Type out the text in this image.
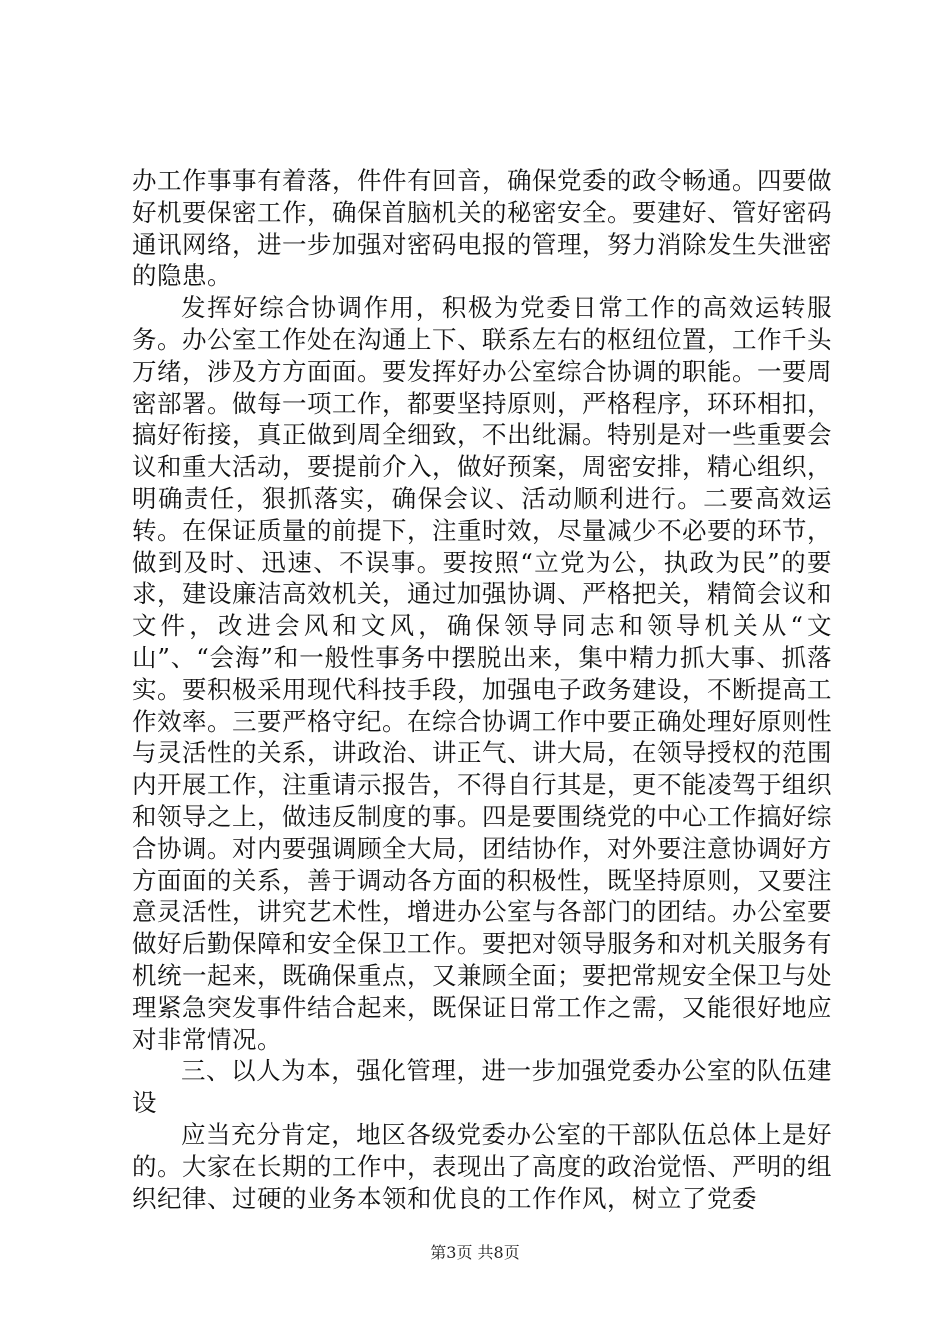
办工作事事有着落，件件有回音，确保党委的政令畅通。四要做好机要保密工作，确保首脑机关的秘密安全。要建好、管好密码通讯网络，进一步加强对密码电报的管理，努力消除发生失泄密的隐患。

发挥好综合协调作用，积极为党委日常工作的高效运转服务。办公室工作处在沟通上下、联系左右的枢纽位置，工作千头万绪，涉及方方面面。要发挥好办公室综合协调的职能。一要周密部署。做每一项工作，都要坚持原则，严格程序，环环相扣，搞好衔接，真正做到周全细致，不出纰漏。特别是对一些重要会议和重大活动，要提前介入，做好预案，周密安排，精心组织，明确责任，狠抓落实，确保会议、活动顺利进行。二要高效运转。在保证质量的前提下，注重时效，尽量减少不必要的环节，做到及时、迅速、不误事。要按照“立党为公，执政为民”的要求，建设廉洁高效机关，通过加强协调、严格把关，精简会议和文件，改进会风和文风，确保领导同志和领导机关从“文山”、“会海”和一般性事务中摆脱出来，集中精力抓大事、抓落实。要积极采用现代科技手段，加强电子政务建设，不断提高工作效率。三要严格守纪。在综合协调工作中要正确处理好原则性与灵活性的关系，讲政治、讲正气、讲大局，在领导授权的范围内开展工作，注重请示报告，不得自行其是，更不能凌驾于组织和领导之上，做违反制度的事。四是要围绕党的中心工作搞好综合协调。对内要强调顾全大局，团结协作，对外要注意协调好方方面面的关系，善于调动各方面的积极性，既坚持原则，又要注意灵活性，讲究艺术性，增进办公室与各部门的团结。办公室要做好后勤保障和安全保卫工作。要把对领导服务和对机关服务有机统一起来，既确保重点，又兼顾全面；要把常规安全保卫与处理紧急突发事件结合起来，既保证日常工作之需，又能很好地应对非常情况。

三、以人为本，强化管理，进一步加强党委办公室的队伍建设

应当充分肯定，地区各级党委办公室的干部队伍总体上是好的。大家在长期的工作中，表现出了高度的政治觉悟、严明的组织纪律、过硬的业务本领和优良的工作作风，树立了党委

第3页 共8页
